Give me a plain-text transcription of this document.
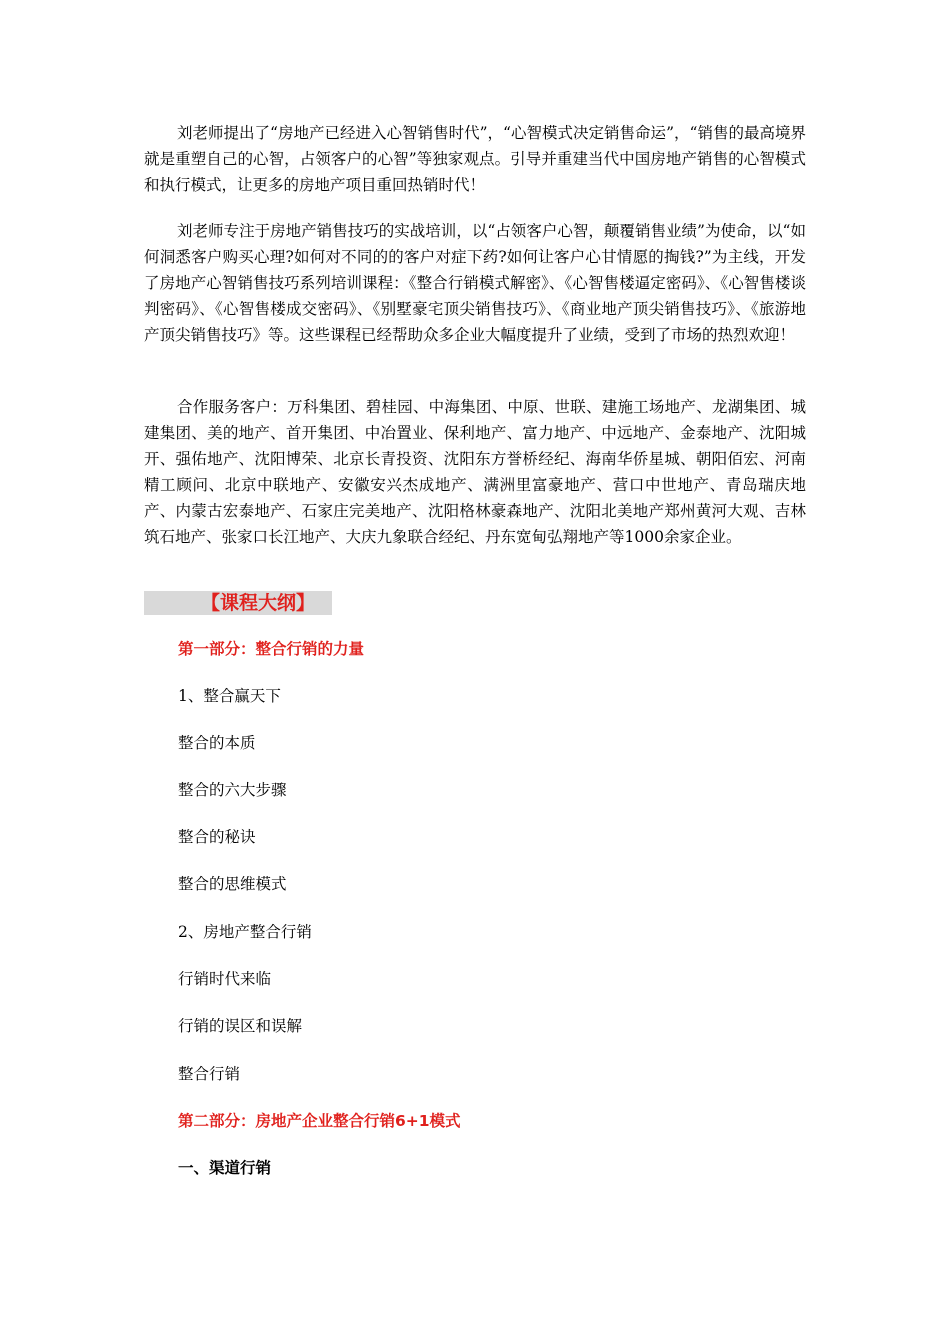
刘老师提出了“房地产已经进入心智销售时代”，“心智模式决定销售命运”，“销售的最高境界就是重塑自己的心智，占领客户的心智”等独家观点。引导并重建当代中国房地产销售的心智模式和执行模式，让更多的房地产项目重回热销时代！

刘老师专注于房地产销售技巧的实战培训，以“占领客户心智，颠覆销售业绩”为使命，以“如何洞悉客户购买心理?如何对不同的的客户对症下药?如何让客户心甘情愿的掏钱?”为主线，开发了房地产心智销售技巧系列培训课程：《整合行销模式解密》、《心智售楼逼定密码》、《心智售楼谈判密码》、《心智售楼成交密码》、《别墅豪宅顶尖销售技巧》、《商业地产顶尖销售技巧》、《旅游地产顶尖销售技巧》等。这些课程已经帮助众多企业大幅度提升了业绩，受到了市场的热烈欢迎！

合作服务客户：万科集团、碧桂园、中海集团、中原、世联、建施工场地产、龙湖集团、城建集团、美的地产、首开集团、中冶置业、保利地产、富力地产、中远地产、金泰地产、沈阳城开、强佑地产、沈阳博荣、北京长青投资、沈阳东方誉桥经纪、海南华侨星城、朝阳佰宏、河南精工顾问、北京中联地产、安徽安兴杰成地产、满洲里富豪地产、营口中世地产、青岛瑞庆地产、内蒙古宏泰地产、石家庄完美地产、沈阳格林豪森地产、沈阳北美地产郑州黄河大观、吉林筑石地产、张家口长江地产、大庆九象联合经纪、丹东宽甸弘翔地产等1000余家企业。

【课程大纲】

第一部分：整合行销的力量

1、整合赢天下

整合的本质

整合的六大步骤

整合的秘诀

整合的思维模式

2、房地产整合行销

行销时代来临

行销的误区和误解

整合行销

第二部分：房地产企业整合行销6+1模式

一、渠道行销
